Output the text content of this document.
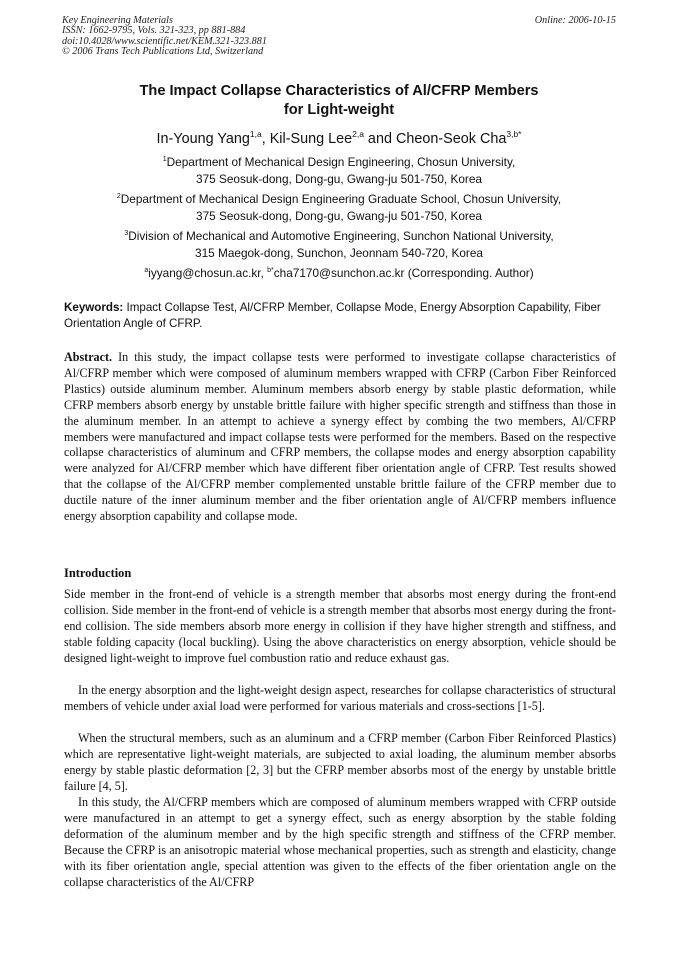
Key Engineering Materials
ISSN: 1662-9795, Vols. 321-323, pp 881-884
doi:10.4028/www.scientific.net/KEM.321-323.881
© 2006 Trans Tech Publications Ltd, Switzerland
Online: 2006-10-15
The Impact Collapse Characteristics of Al/CFRP Members
for Light-weight
In-Young Yang$^{1,a}$, Kil-Sung Lee$^{2,a}$ and Cheon-Seok Cha$^{3,b*}$
$^1$Department of Mechanical Design Engineering, Chosun University,
375 Seosuk-dong, Dong-gu, Gwang-ju 501-750, Korea
$^2$Department of Mechanical Design Engineering Graduate School, Chosun University,
375 Seosuk-dong, Dong-gu, Gwang-ju 501-750, Korea
$^3$Division of Mechanical and Automotive Engineering, Sunchon National University,
315 Maegok-dong, Sunchon, Jeonnam 540-720, Korea
$^a$iyyang@chosun.ac.kr, $^{b*}$cha7170@sunchon.ac.kr (Corresponding. Author)
Keywords: Impact Collapse Test, Al/CFRP Member, Collapse Mode, Energy Absorption Capability, Fiber Orientation Angle of CFRP.
Abstract. In this study, the impact collapse tests were performed to investigate collapse characteristics of Al/CFRP member which were composed of aluminum members wrapped with CFRP (Carbon Fiber Reinforced Plastics) outside aluminum member. Aluminum members absorb energy by stable plastic deformation, while CFRP members absorb energy by unstable brittle failure with higher specific strength and stiffness than those in the aluminum member. In an attempt to achieve a synergy effect by combing the two members, Al/CFRP members were manufactured and impact collapse tests were performed for the members. Based on the respective collapse characteristics of aluminum and CFRP members, the collapse modes and energy absorption capability were analyzed for Al/CFRP member which have different fiber orientation angle of CFRP. Test results showed that the collapse of the Al/CFRP member complemented unstable brittle failure of the CFRP member due to ductile nature of the inner aluminum member and the fiber orientation angle of Al/CFRP members influence energy absorption capability and collapse mode.
Introduction
Side member in the front-end of vehicle is a strength member that absorbs most energy during the front-end collision. Side member in the front-end of vehicle is a strength member that absorbs most energy during the front-end collision. The side members absorb more energy in collision if they have higher strength and stiffness, and stable folding capacity (local buckling). Using the above characteristics on energy absorption, vehicle should be designed light-weight to improve fuel combustion ratio and reduce exhaust gas.
In the energy absorption and the light-weight design aspect, researches for collapse characteristics of structural members of vehicle under axial load were performed for various materials and cross-sections [1-5].
When the structural members, such as an aluminum and a CFRP member (Carbon Fiber Reinforced Plastics) which are representative light-weight materials, are subjected to axial loading, the aluminum member absorbs energy by stable plastic deformation [2, 3] but the CFRP member absorbs most of the energy by unstable brittle failure [4, 5].
In this study, the Al/CFRP members which are composed of aluminum members wrapped with CFRP outside were manufactured in an attempt to get a synergy effect, such as energy absorption by the stable folding deformation of the aluminum member and by the high specific strength and stiffness of the CFRP member. Because the CFRP is an anisotropic material whose mechanical properties, such as strength and elasticity, change with its fiber orientation angle, special attention was given to the effects of the fiber orientation angle on the collapse characteristics of the Al/CFRP
